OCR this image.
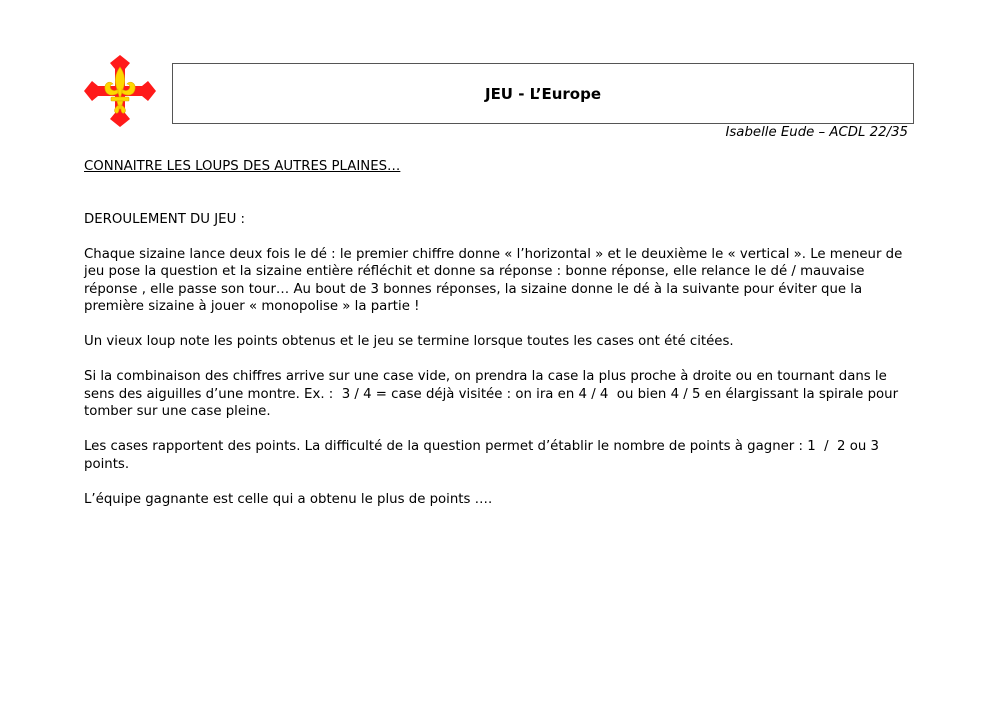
JEU - L’Europe

Isabelle Eude – ACDL 22/35

CONNAITRE LES LOUPS DES AUTRES PLAINES…

DEROULEMENT DU JEU :

Chaque sizaine lance deux fois le dé : le premier chiffre donne « l’horizontal » et le deuxième le « vertical ». Le meneur de jeu pose la question et la sizaine entière réfléchit et donne sa réponse : bonne réponse, elle relance le dé / mauvaise réponse , elle passe son tour… Au bout de 3 bonnes réponses, la sizaine donne le dé à la suivante pour éviter que la première sizaine à jouer « monopolise » la partie !

Un vieux loup note les points obtenus et le jeu se termine lorsque toutes les cases ont été citées.

Si la combinaison des chiffres arrive sur une case vide, on prendra la case la plus proche à droite ou en tournant dans le sens des aiguilles d’une montre. Ex. :  3 / 4 = case déjà visitée : on ira en 4 / 4  ou bien 4 / 5 en élargissant la spirale pour tomber sur une case pleine.

Les cases rapportent des points. La difficulté de la question permet d’établir le nombre de points à gagner : 1  /  2 ou 3 points.

L’équipe gagnante est celle qui a obtenu le plus de points ….
